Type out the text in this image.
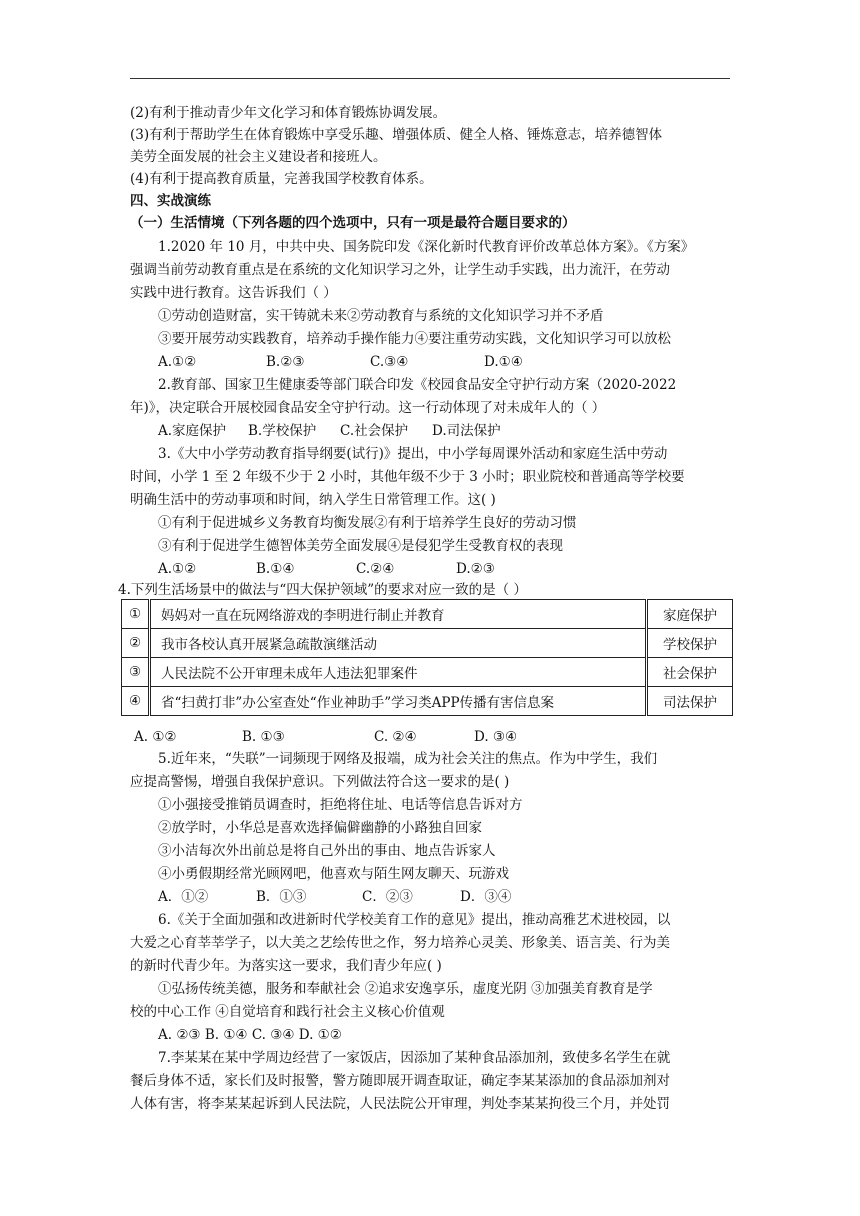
(2)有利于推动青少年文化学习和体育锻炼协调发展。
(3)有利于帮助学生在体育锻炼中享受乐趣、增强体质、健全人格、锤炼意志，培养德智体
美劳全面发展的社会主义建设者和接班人。
(4)有利于提高教育质量，完善我国学校教育体系。
四、实战演练
（一）生活情境（下列各题的四个选项中，只有一项是最符合题目要求的）
1.2020 年 10 月，中共中央、国务院印发《深化新时代教育评价改革总体方案》。《方案》
强调当前劳动教育重点是在系统的文化知识学习之外，让学生动手实践，出力流汗，在劳动
实践中进行教育。这告诉我们（ ）
①劳动创造财富，实干铸就未来②劳动教育与系统的文化知识学习并不矛盾
③要开展劳动实践教育，培养动手操作能力④要注重劳动实践，文化知识学习可以放松
A.①②	B.②③	C.③④	D.①④
2.教育部、国家卫生健康委等部门联合印发《校园食品安全守护行动方案（2020-2022
年)》，决定联合开展校园食品安全守护行动。这一行动体现了对未成年人的（ ）
A.家庭保护 B.学校保护 C.社会保护 D.司法保护
3.《大中小学劳动教育指导纲要(试行)》提出，中小学每周课外活动和家庭生活中劳动
时间，小学 1 至 2 年级不少于 2 小时，其他年级不少于 3 小时；职业院校和普通高等学校要
明确生活中的劳动事项和时间，纳入学生日常管理工作。这( )
①有利于促进城乡义务教育均衡发展②有利于培养学生良好的劳动习惯
③有利于促进学生德智体美劳全面发展④是侵犯学生受教育权的表现
A.①②	B.①④	C.②④	D.②③
4.下列生活场景中的做法与“四大保护领域”的要求对应一致的是（ ）
A. ①②	B. ①③	C. ②④	D. ③④
5.近年来，“失联”一词频现于网络及报端，成为社会关注的焦点。作为中学生，我们
应提高警惕，增强自我保护意识。下列做法符合这一要求的是( )
①小强接受推销员调查时，拒绝将住址、电话等信息告诉对方
②放学时，小华总是喜欢选择偏僻幽静的小路独自回家
③小洁每次外出前总是将自己外出的事由、地点告诉家人
④小勇假期经常光顾网吧，他喜欢与陌生网友聊天、玩游戏
A．①②	B．①③	C．②③	D．③④
6.《关于全面加强和改进新时代学校美育工作的意见》提出，推动高雅艺术进校园，以
大爱之心育莘莘学子，以大美之艺绘传世之作，努力培养心灵美、形象美、语言美、行为美
的新时代青少年。为落实这一要求，我们青少年应( )
①弘扬传统美德，服务和奉献社会 ②追求安逸享乐，虚度光阴 ③加强美育教育是学
校的中心工作 ④自觉培育和践行社会主义核心价值观
A. ②③ B. ①④ C. ③④ D. ①②
7.李某某在某中学周边经营了一家饭店，因添加了某种食品添加剂，致使多名学生在就
餐后身体不适，家长们及时报警，警方随即展开调查取证，确定李某某添加的食品添加剂对
人体有害，将李某某起诉到人民法院，人民法院公开审理，判处李某某拘役三个月，并处罚
①	妈妈对一直在玩网络游戏的李明进行制止并教育	家庭保护
②	我市各校认真开展紧急疏散演继活动	学校保护
③	人民法院不公开审理未成年人违法犯罪案件	社会保护
④	省“扫黄打非”办公室查处“作业神助手”学习类APP传播有害信息案	司法保护
